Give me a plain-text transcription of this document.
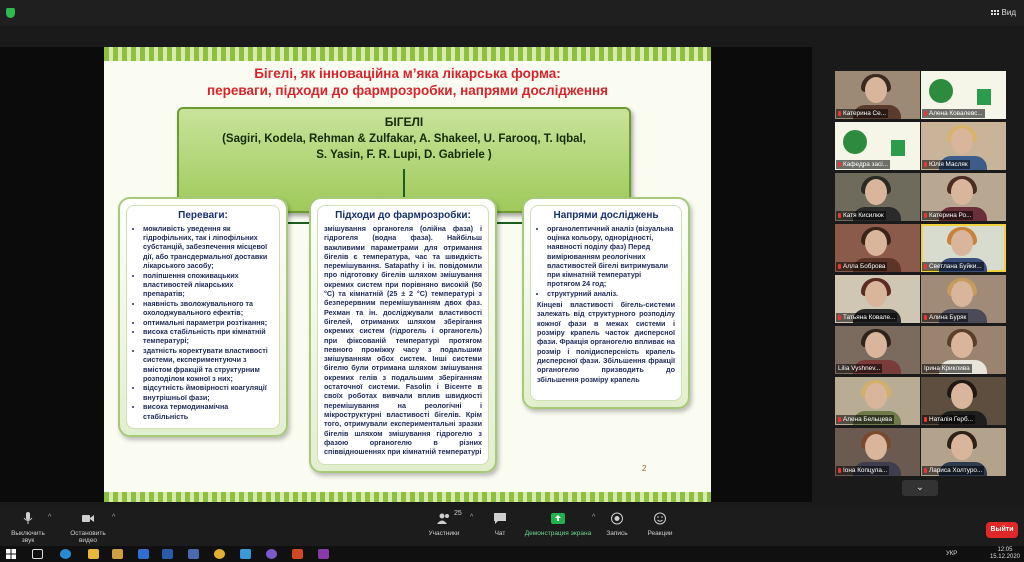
Вид
Бігелі, як інноваційна м’яка лікарська форма:
переваги, підходи до фармрозробки, напрями дослідження
БІГЕЛІ
(Sagiri, Kodela, Rehman & Zulfakar, A. Shakeel, U. Farooq, T. Iqbal,
S. Yasin, F. R. Lupi, D. Gabriele )
Переваги:
• можливість уведення як гідрофільних, так і ліпофільних субстанцій, забезпечення місцевої дії, або трансдермальної доставки лікарського засобу;
• поліпшення споживацьких властивостей лікарських препаратів;
• наявність зволожувального та охолоджувального ефектів;
• оптимальні параметри розтікання;
• висока стабільність при кімнатній температурі;
• здатність коректувати властивості системи, експериментуючи з вмістом фракцій та структурним розподілом кожної з них;
• відсутність ймовірності коагуляції внутрішньої фази;
• висока термодинамічна стабільність
Підходи до фармрозробки:
змішування органогеля (олійна фаза) і гідрогеля (водна фаза). Найбільш важливими параметрами для отримання бігелів є температура, час та швидкість перемішування. Satapathy і ін. повідомили про підготовку бігелів шляхом змішування окремих систем при порівняно високій (50 °C) та кімнатній (25 ± 2 °C) температурі з безперервним перемішуванням двох фаз. Рехман та ін. досліджували властивості бігелей, отриманих шляхом зберігання окремих систем (гідрогель і органогель) при фіксованій температурі протягом певного проміжку часу з подальшим змішуванням обох систем. Інші системи бігелю були отримана шляхом змішування окремих гелів з подальшим зберіганням остаточної системи. Fasolin і Вісенте в своїх роботах вивчали вплив швидкості перемішування на реологічні і мікроструктурні властивості бігелів. Крім того, отримували експериментальні зразки бігелів шляхом змішування гідрогелю з фазою органогелю в різних співвідношеннях при кімнатній температурі
Напрями досліджень
• органолептичний аналіз (візуальна оцінка кольору, однорідності, наявності поділу фаз) Перед вимірюванням реологічних властивостей бігелі витримували при кімнатній температурі протягом 24 год;
• структурний аналіз.
Кінцеві властивості бігель-системи залежать від структурного розподілу кожної фази в межах системи і розміру крапель часток дисперсної фази. Фракція органогелю впливає на розмір і полідисперсність крапель дисперсної фази. Збільшення фракції органогелю призводить до збільшення розміру крапель
2
Катерина Се...	Алена Ковалевс...
Кафедра засі...	Юлія Масляк
Катя Кисилюк	Катерина Ро...
Алла Боброва	Светлана Буйки...
Татьяна Ковале...	Алина Буряк
Lilia Vyshnev...	Ірина Криклива
Алена Бельцева	Наталія Герб...
Іона Копцула...	Лариса Холтуро...
⌄
Выключить звук
^
Остановить видео
^
Участники
25
^
Чат	Демонстрация экрана
^
Запись	Реакции
Выйти
УКР
12:05
15.12.2020
